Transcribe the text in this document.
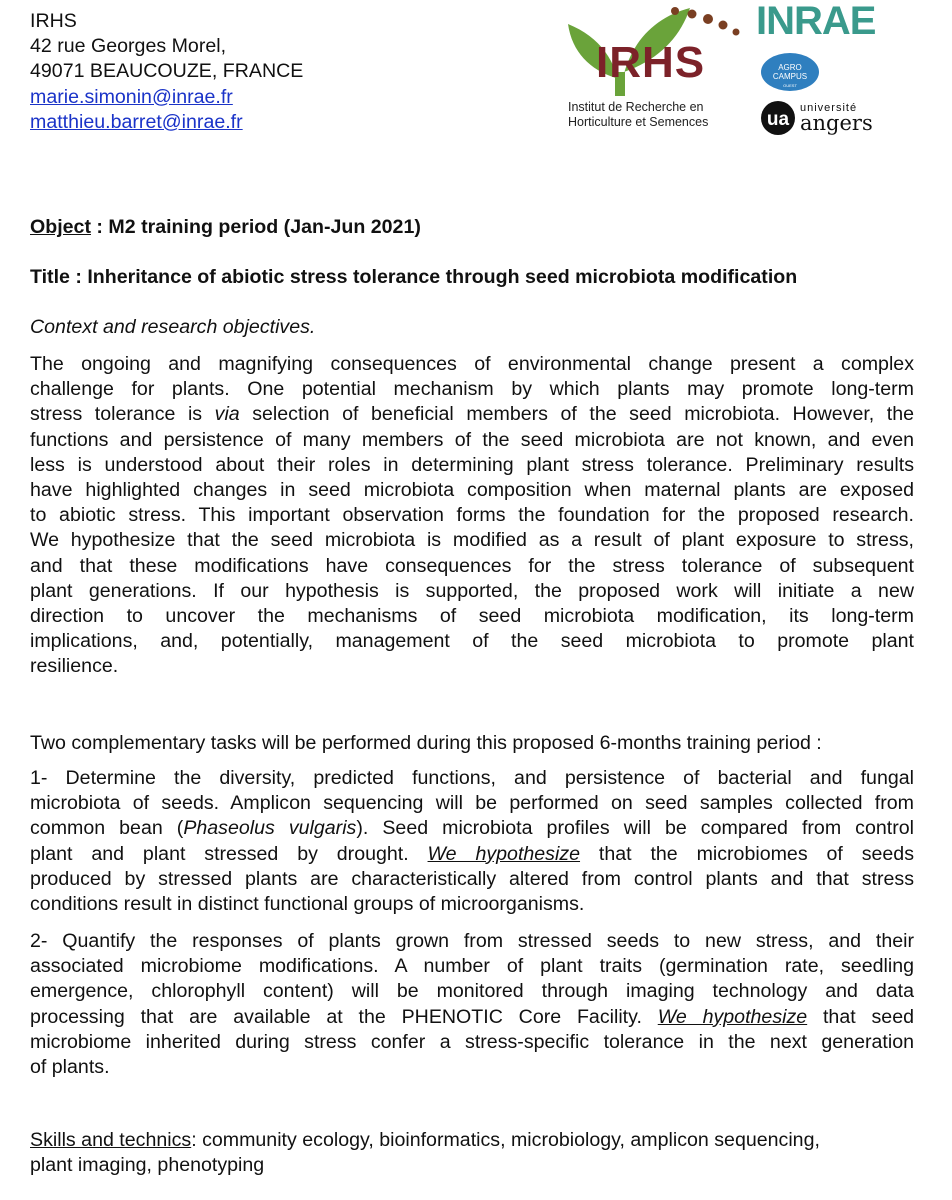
IRHS
42 rue Georges Morel,
49071 BEAUCOUZE, FRANCE
marie.simonin@inrae.fr
matthieu.barret@inrae.fr
IRHS
Institut de Recherche en
Horticulture et Semences
INRAE
AGRO
CAMPUS
OUEST
ua
université
angers
Object : M2 training period (Jan-Jun 2021)
Title : Inheritance of abiotic stress tolerance through seed microbiota modification
Context and research objectives.
The ongoing and magnifying consequences of environmental change present a complex
challenge for plants. One potential mechanism by which plants may promote long-term
stress tolerance is via selection of beneficial members of the seed microbiota. However, the
functions and persistence of many members of the seed microbiota are not known, and even
less is understood about their roles in determining plant stress tolerance. Preliminary results
have highlighted changes in seed microbiota composition when maternal plants are exposed
to abiotic stress. This important observation forms the foundation for the proposed research.
We hypothesize that the seed microbiota is modified as a result of plant exposure to stress,
and that these modifications have consequences for the stress tolerance of subsequent
plant generations. If our hypothesis is supported, the proposed work will initiate a new
direction to uncover the mechanisms of seed microbiota modification, its long-term
implications, and, potentially, management of the seed microbiota to promote plant
resilience.
Two complementary tasks will be performed during this proposed 6-months training period :
1- Determine the diversity, predicted functions, and persistence of bacterial and fungal
microbiota of seeds. Amplicon sequencing will be performed on seed samples collected from
common bean (Phaseolus vulgaris). Seed microbiota profiles will be compared from control
plant and plant stressed by drought. We hypothesize that the microbiomes of seeds
produced by stressed plants are characteristically altered from control plants and that stress
conditions result in distinct functional groups of microorganisms.
2- Quantify the responses of plants grown from stressed seeds to new stress, and their
associated microbiome modifications. A number of plant traits (germination rate, seedling
emergence, chlorophyll content) will be monitored through imaging technology and data
processing that are available at the PHENOTIC Core Facility. We hypothesize that seed
microbiome inherited during stress confer a stress-specific tolerance in the next generation
of plants.
Skills and technics: community ecology, bioinformatics, microbiology, amplicon sequencing,
plant imaging, phenotyping
